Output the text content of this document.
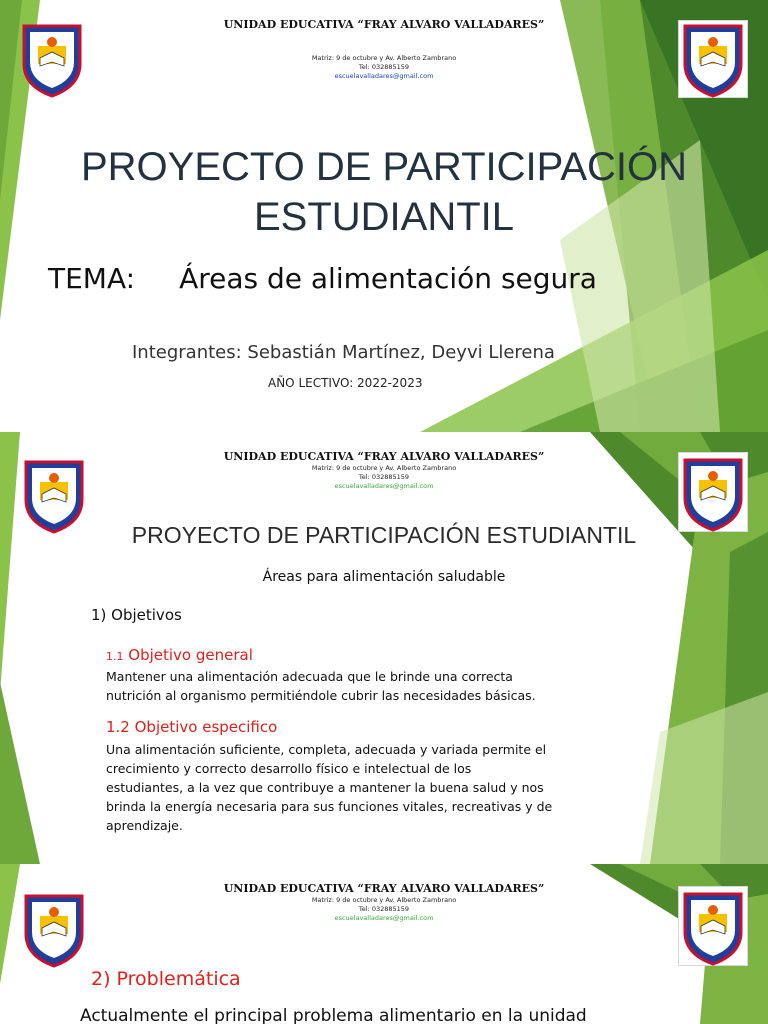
UNIDAD EDUCATIVA “FRAY ALVARO VALLADARES”
Matriz: 9 de octubre y Av. Alberto Zambrano
Tel: 032885159
escuelavalladares@gmail.com
PROYECTO DE PARTICIPACIÓN
ESTUDIANTIL
TEMA: Áreas de alimentación segura
Integrantes: Sebastián Martínez, Deyvi Llerena
AÑO LECTIVO: 2022-2023
UNIDAD EDUCATIVA “FRAY ALVARO VALLADARES”
Matriz: 9 de octubre y Av. Alberto Zambrano
Tel: 032885159
escuelavalladares@gmail.com
PROYECTO DE PARTICIPACIÓN ESTUDIANTIL
Áreas para alimentación saludable
1) Objetivos
1.1 Objetivo general
Mantener una alimentación adecuada que le brinde una correcta
nutrición al organismo permitiéndole cubrir las necesidades básicas.
1.2 Objetivo especifico
Una alimentación suficiente, completa, adecuada y variada permite el
crecimiento y correcto desarrollo físico e intelectual de los
estudiantes, a la vez que contribuye a mantener la buena salud y nos
brinda la energía necesaria para sus funciones vitales, recreativas y de
aprendizaje.
UNIDAD EDUCATIVA “FRAY ALVARO VALLADARES”
Matriz: 9 de octubre y Av. Alberto Zambrano
Tel: 032885159
escuelavalladares@gmail.com
2) Problemática
Actualmente el principal problema alimentario en la unidad
